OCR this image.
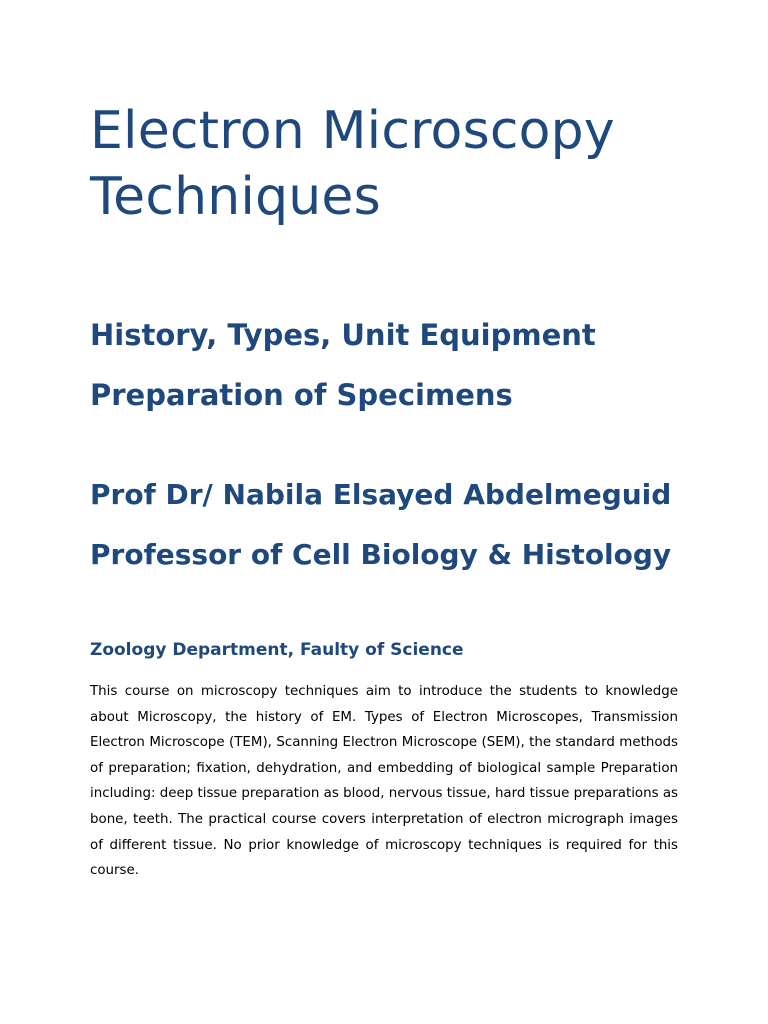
Electron Microscopy Techniques
History, Types, Unit Equipment
Preparation of Specimens
Prof Dr/ Nabila Elsayed Abdelmeguid
Professor of Cell Biology & Histology
Zoology Department, Faulty of Science

This course on microscopy techniques aim to introduce the students to knowledge about Microscopy, the history of EM. Types of Electron Microscopes, Transmission Electron Microscope (TEM), Scanning Electron Microscope (SEM), the standard methods of preparation; fixation, dehydration, and embedding of biological sample Preparation including: deep tissue preparation as blood, nervous tissue, hard tissue preparations as bone, teeth. The practical course covers interpretation of electron micrograph images of different tissue. No prior knowledge of microscopy techniques is required for this course.
